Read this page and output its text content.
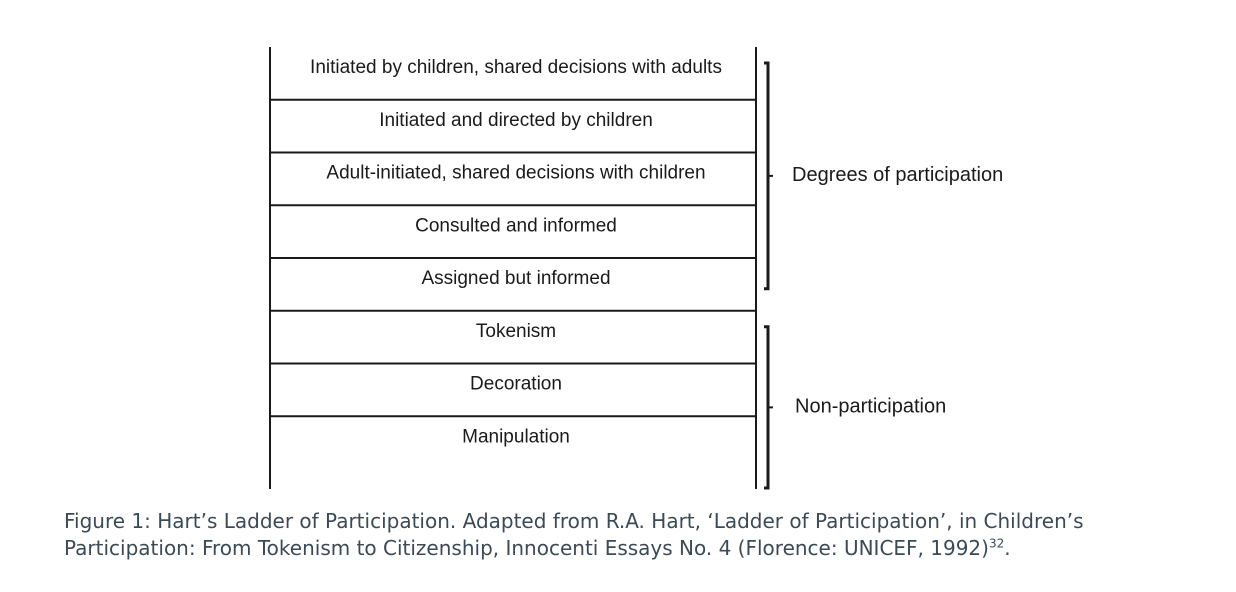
Initiated by children, shared decisions with adults
Initiated and directed by children
Adult-initiated, shared decisions with children
Consulted and informed
Assigned but informed
Tokenism
Decoration
Manipulation
Degrees of participation
Non-participation

Figure 1: Hart’s Ladder of Participation. Adapted from R.A. Hart, ‘Ladder of Participation’, in Children’s Participation: From Tokenism to Citizenship, Innocenti Essays No. 4 (Florence: UNICEF, 1992)$^{32}$.
